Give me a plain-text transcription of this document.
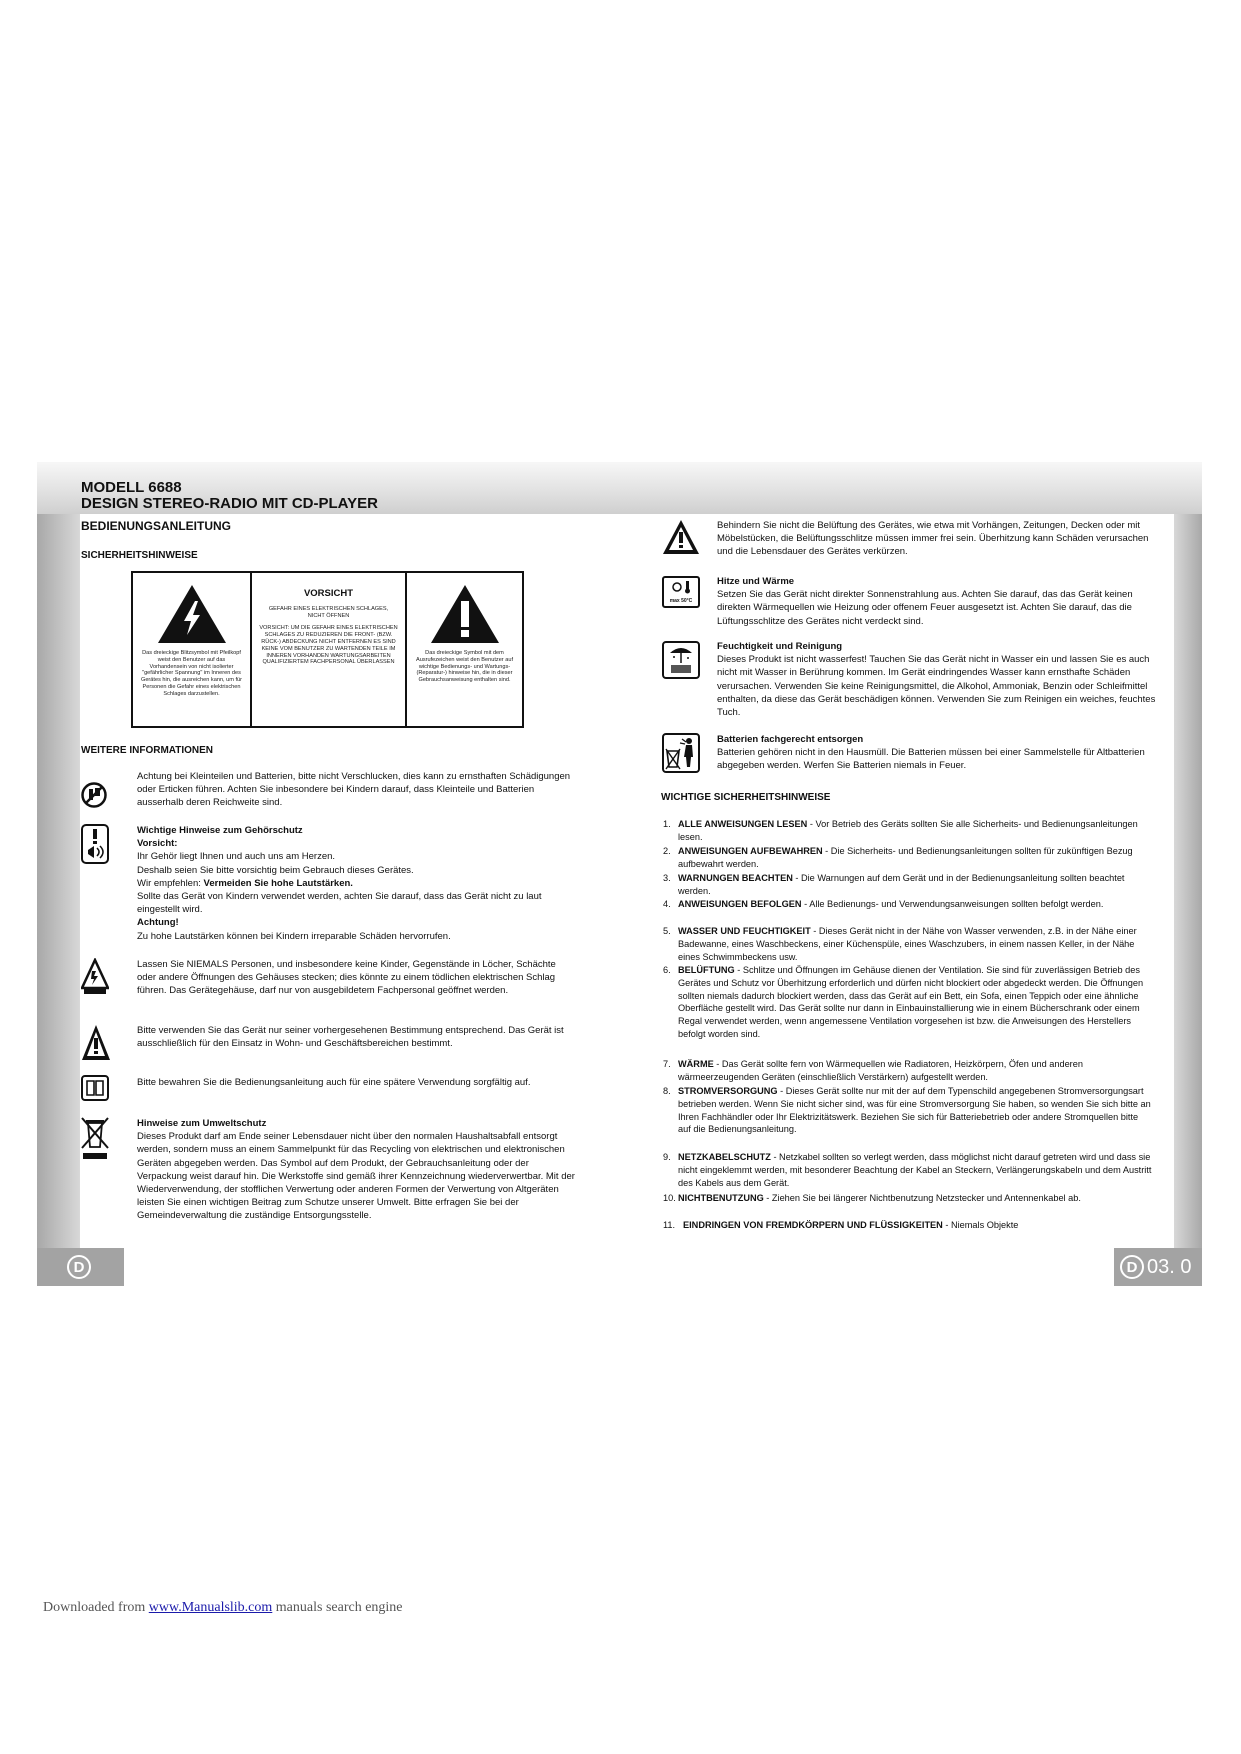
D	D 03. 0
MODELL 6688
DESIGN STEREO-RADIO MIT CD-PLAYER
BEDIENUNGSANLEITUNG
SICHERHEITSHINWEISE
Das dreieckige Blitzsymbol mit Pfeilkopf weist den Benutzer auf das Vorhandensein von nicht isolierter "gefährlicher Spannung" im Inneren des Gerätes hin, die ausreichen kann, um für Personen die Gefahr eines elektrischen Schlages darzustellen.
VORSICHT
GEFAHR EINES ELEKTRISCHEN SCHLAGES, NICHT ÖFFNEN
VORSICHT: UM DIE GEFAHR EINES ELEKTRISCHEN SCHLAGES ZU REDUZIEREN DIE FRONT- (BZW. RÜCK-) ABDECKUNG NICHT ENTFERNEN ES SIND KEINE VOM BENUTZER ZU WARTENDEN TEILE IM INNEREN VORHANDEN WARTUNGSARBEITEN QUALIFIZIERTEM FACHPERSONAL ÜBERLASSEN
Das dreieckige Symbol mit dem Ausrufezeichen weist den Benutzer auf wichtige Bedienungs- und Wartungs- (Reparatur-) hinweise hin, die in dieser Gebrauchsanweisung enthalten sind.
WEITERE INFORMATIONEN
Achtung bei Kleinteilen und Batterien, bitte nicht Verschlucken, dies kann zu ernsthaften Schädigungen oder Erticken führen. Achten Sie inbesondere bei Kindern darauf, dass Kleinteile und Batterien ausserhalb deren Reichweite sind.
Wichtige Hinweise zum Gehörschutz
Vorsicht:
Ihr Gehör liegt Ihnen und auch uns am Herzen.
Deshalb seien Sie bitte vorsichtig beim Gebrauch dieses Gerätes.
Wir empfehlen: Vermeiden Sie hohe Lautstärken.
Sollte das Gerät von Kindern verwendet werden, achten Sie darauf, dass das Gerät nicht zu laut eingestellt wird.
Achtung!
Zu hohe Lautstärken können bei Kindern irreparable Schäden hervorrufen.
Lassen Sie NIEMALS Personen, und insbesondere keine Kinder, Gegenstände in Löcher, Schächte oder andere Öffnungen des Gehäuses stecken; dies könnte zu einem tödlichen elektrischen Schlag führen. Das Gerätegehäuse, darf nur von ausgebildetem Fachpersonal geöffnet werden.
Bitte verwenden Sie das Gerät nur seiner vorhergesehenen Bestimmung entsprechend. Das Gerät ist ausschließlich für den Einsatz in Wohn- und Geschäftsbereichen bestimmt.
Bitte bewahren Sie die Bedienungsanleitung auch für eine spätere Verwendung sorgfältig auf.
Hinweise zum Umweltschutz
Dieses Produkt darf am Ende seiner Lebensdauer nicht über den normalen Haushaltsabfall entsorgt werden, sondern muss an einem Sammelpunkt für das Recycling von elektrischen und elektronischen Geräten abgegeben werden. Das Symbol auf dem Produkt, der Gebrauchsanleitung oder der Verpackung weist darauf hin. Die Werkstoffe sind gemäß ihrer Kennzeichnung wiederverwertbar. Mit der Wiederverwendung, der stofflichen Verwertung oder anderen Formen der Verwertung von Altgeräten leisten Sie einen wichtigen Beitrag zum Schutze unserer Umwelt. Bitte erfragen Sie bei der Gemeindeverwaltung die zuständige Entsorgungsstelle.
Behindern Sie nicht die Belüftung des Gerätes, wie etwa mit Vorhängen, Zeitungen, Decken oder mit Möbelstücken, die Belüftungsschlitze müssen immer frei sein. Überhitzung kann Schäden verursachen und die Lebensdauer des Gerätes verkürzen.
max 50°C
Hitze und Wärme
Setzen Sie das Gerät nicht direkter Sonnenstrahlung aus. Achten Sie darauf, das das Gerät keinen direkten Wärmequellen wie Heizung oder offenem Feuer ausgesetzt ist. Achten Sie darauf, das die Lüftungsschlitze des Gerätes nicht verdeckt sind.
Feuchtigkeit und Reinigung
Dieses Produkt ist nicht wasserfest! Tauchen Sie das Gerät nicht in Wasser ein und lassen Sie es auch nicht mit Wasser in Berührung kommen. Im Gerät eindringendes Wasser kann ernsthafte Schäden verursachen. Verwenden Sie keine Reinigungsmittel, die Alkohol, Ammoniak, Benzin oder Schleifmittel enthalten, da diese das Gerät beschädigen können. Verwenden Sie zum Reinigen ein weiches, feuchtes Tuch.
Batterien fachgerecht entsorgen
Batterien gehören nicht in den Hausmüll. Die Batterien müssen bei einer Sammelstelle für Altbatterien abgegeben werden. Werfen Sie Batterien niemals in Feuer.
WICHTIGE SICHERHEITSHINWEISE
1. ALLE ANWEISUNGEN LESEN - Vor Betrieb des Geräts sollten Sie alle Sicherheits- und Bedienungsanleitungen lesen.
2. ANWEISUNGEN AUFBEWAHREN - Die Sicherheits- und Bedienungsanleitungen sollten für zukünftigen Bezug aufbewahrt werden.
3. WARNUNGEN BEACHTEN - Die Warnungen auf dem Gerät und in der Bedienungsanleitung sollten beachtet werden.
4. ANWEISUNGEN BEFOLGEN - Alle Bedienungs- und Verwendungsanweisungen sollten befolgt werden.
5. WASSER UND FEUCHTIGKEIT - Dieses Gerät nicht in der Nähe von Wasser verwenden, z.B. in der Nähe einer Badewanne, eines Waschbeckens, einer Küchenspüle, eines Waschzubers, in einem nassen Keller, in der Nähe eines Schwimmbeckens usw.
6. BELÜFTUNG - Schlitze und Öffnungen im Gehäuse dienen der Ventilation. Sie sind für zuverlässigen Betrieb des Gerätes und Schutz vor Überhitzung erforderlich und dürfen nicht blockiert oder abgedeckt werden. Die Öffnungen sollten niemals dadurch blockiert werden, dass das Gerät auf ein Bett, ein Sofa, einen Teppich oder eine ähnliche Oberfläche gestellt wird. Das Gerät sollte nur dann in Einbauinstallierung wie in einem Bücherschrank oder einem Regal verwendet werden, wenn angemessene Ventilation vorgesehen ist bzw. die Anweisungen des Herstellers befolgt worden sind.
7. WÄRME - Das Gerät sollte fern von Wärmequellen wie Radiatoren, Heizkörpern, Öfen und anderen wärmeerzeugenden Geräten (einschließlich Verstärkern) aufgestellt werden.
8. STROMVERSORGUNG - Dieses Gerät sollte nur mit der auf dem Typenschild angegebenen Stromversorgungsart betrieben werden. Wenn Sie nicht sicher sind, was für eine Stromversorgung Sie haben, so wenden Sie sich bitte an Ihren Fachhändler oder Ihr Elektrizitätswerk. Beziehen Sie sich für Batteriebetrieb oder andere Stromquellen bitte auf die Bedienungsanleitung.
9. NETZKABELSCHUTZ - Netzkabel sollten so verlegt werden, dass möglichst nicht darauf getreten wird und dass sie nicht eingeklemmt werden, mit besonderer Beachtung der Kabel an Steckern, Verlängerungskabeln und dem Austritt des Kabels aus dem Gerät.
10. NICHTBENUTZUNG - Ziehen Sie bei längerer Nichtbenutzung Netzstecker und Antennenkabel ab.
11. EINDRINGEN VON FREMDKÖRPERN UND FLÜSSIGKEITEN - Niemals Objekte
Downloaded from www.Manualslib.com manuals search engine
